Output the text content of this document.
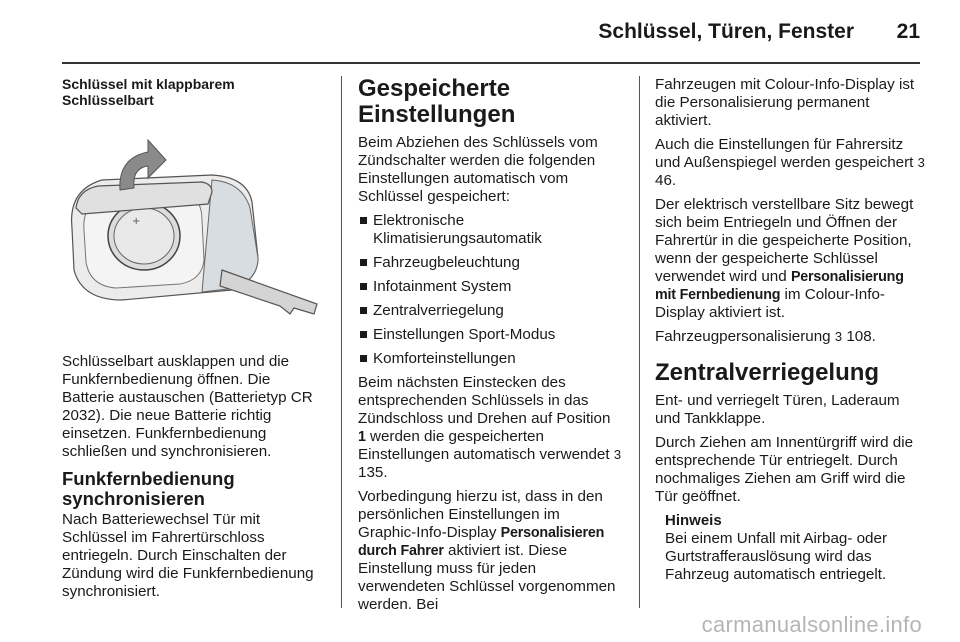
Schlüssel, Türen, Fenster 21
Schlüssel mit klappbarem Schlüsselbart
+

Schlüsselbart ausklappen und die Funkfernbedienung öffnen. Die Batterie austauschen (Batterietyp CR 2032). Die neue Batterie richtig einsetzen. Funkfernbedienung schließen und synchronisieren.

Funkfernbedienung synchronisieren

Nach Batteriewechsel Tür mit Schlüssel im Fahrertürschloss entriegeln. Durch Einschalten der Zündung wird die Funkfernbedienung synchronisiert.

Gespeicherte Einstellungen

Beim Abziehen des Schlüssels vom Zündschalter werden die folgenden Einstellungen automatisch vom Schlüssel gespeichert:

Elektronische Klimatisierungsautomatik
Fahrzeugbeleuchtung
Infotainment System
Zentralverriegelung
Einstellungen Sport-Modus
Komforteinstellungen

Beim nächsten Einstecken des entsprechenden Schlüssels in das Zündschloss und Drehen auf Position 1 werden die gespeicherten Einstellungen automatisch verwendet 3 135.

Vorbedingung hierzu ist, dass in den persönlichen Einstellungen im Graphic-Info-Display Personalisieren durch Fahrer aktiviert ist. Diese Einstellung muss für jeden verwendeten Schlüssel vorgenommen werden. Bei

Fahrzeugen mit Colour-Info-Display ist die Personalisierung permanent aktiviert.

Auch die Einstellungen für Fahrersitz und Außenspiegel werden gespeichert 3 46.

Der elektrisch verstellbare Sitz bewegt sich beim Entriegeln und Öffnen der Fahrertür in die gespeicherte Position, wenn der gespeicherte Schlüssel verwendet wird und Personalisierung mit Fernbedienung im Colour-Info-Display aktiviert ist.

Fahrzeugpersonalisierung 3 108.

Zentralverriegelung

Ent- und verriegelt Türen, Laderaum und Tankklappe.

Durch Ziehen am Innentürgriff wird die entsprechende Tür entriegelt. Durch nochmaliges Ziehen am Griff wird die Tür geöffnet.

Hinweis
Bei einem Unfall mit Airbag- oder Gurtstrafferauslösung wird das Fahrzeug automatisch entriegelt.
carmanualsonline.info
